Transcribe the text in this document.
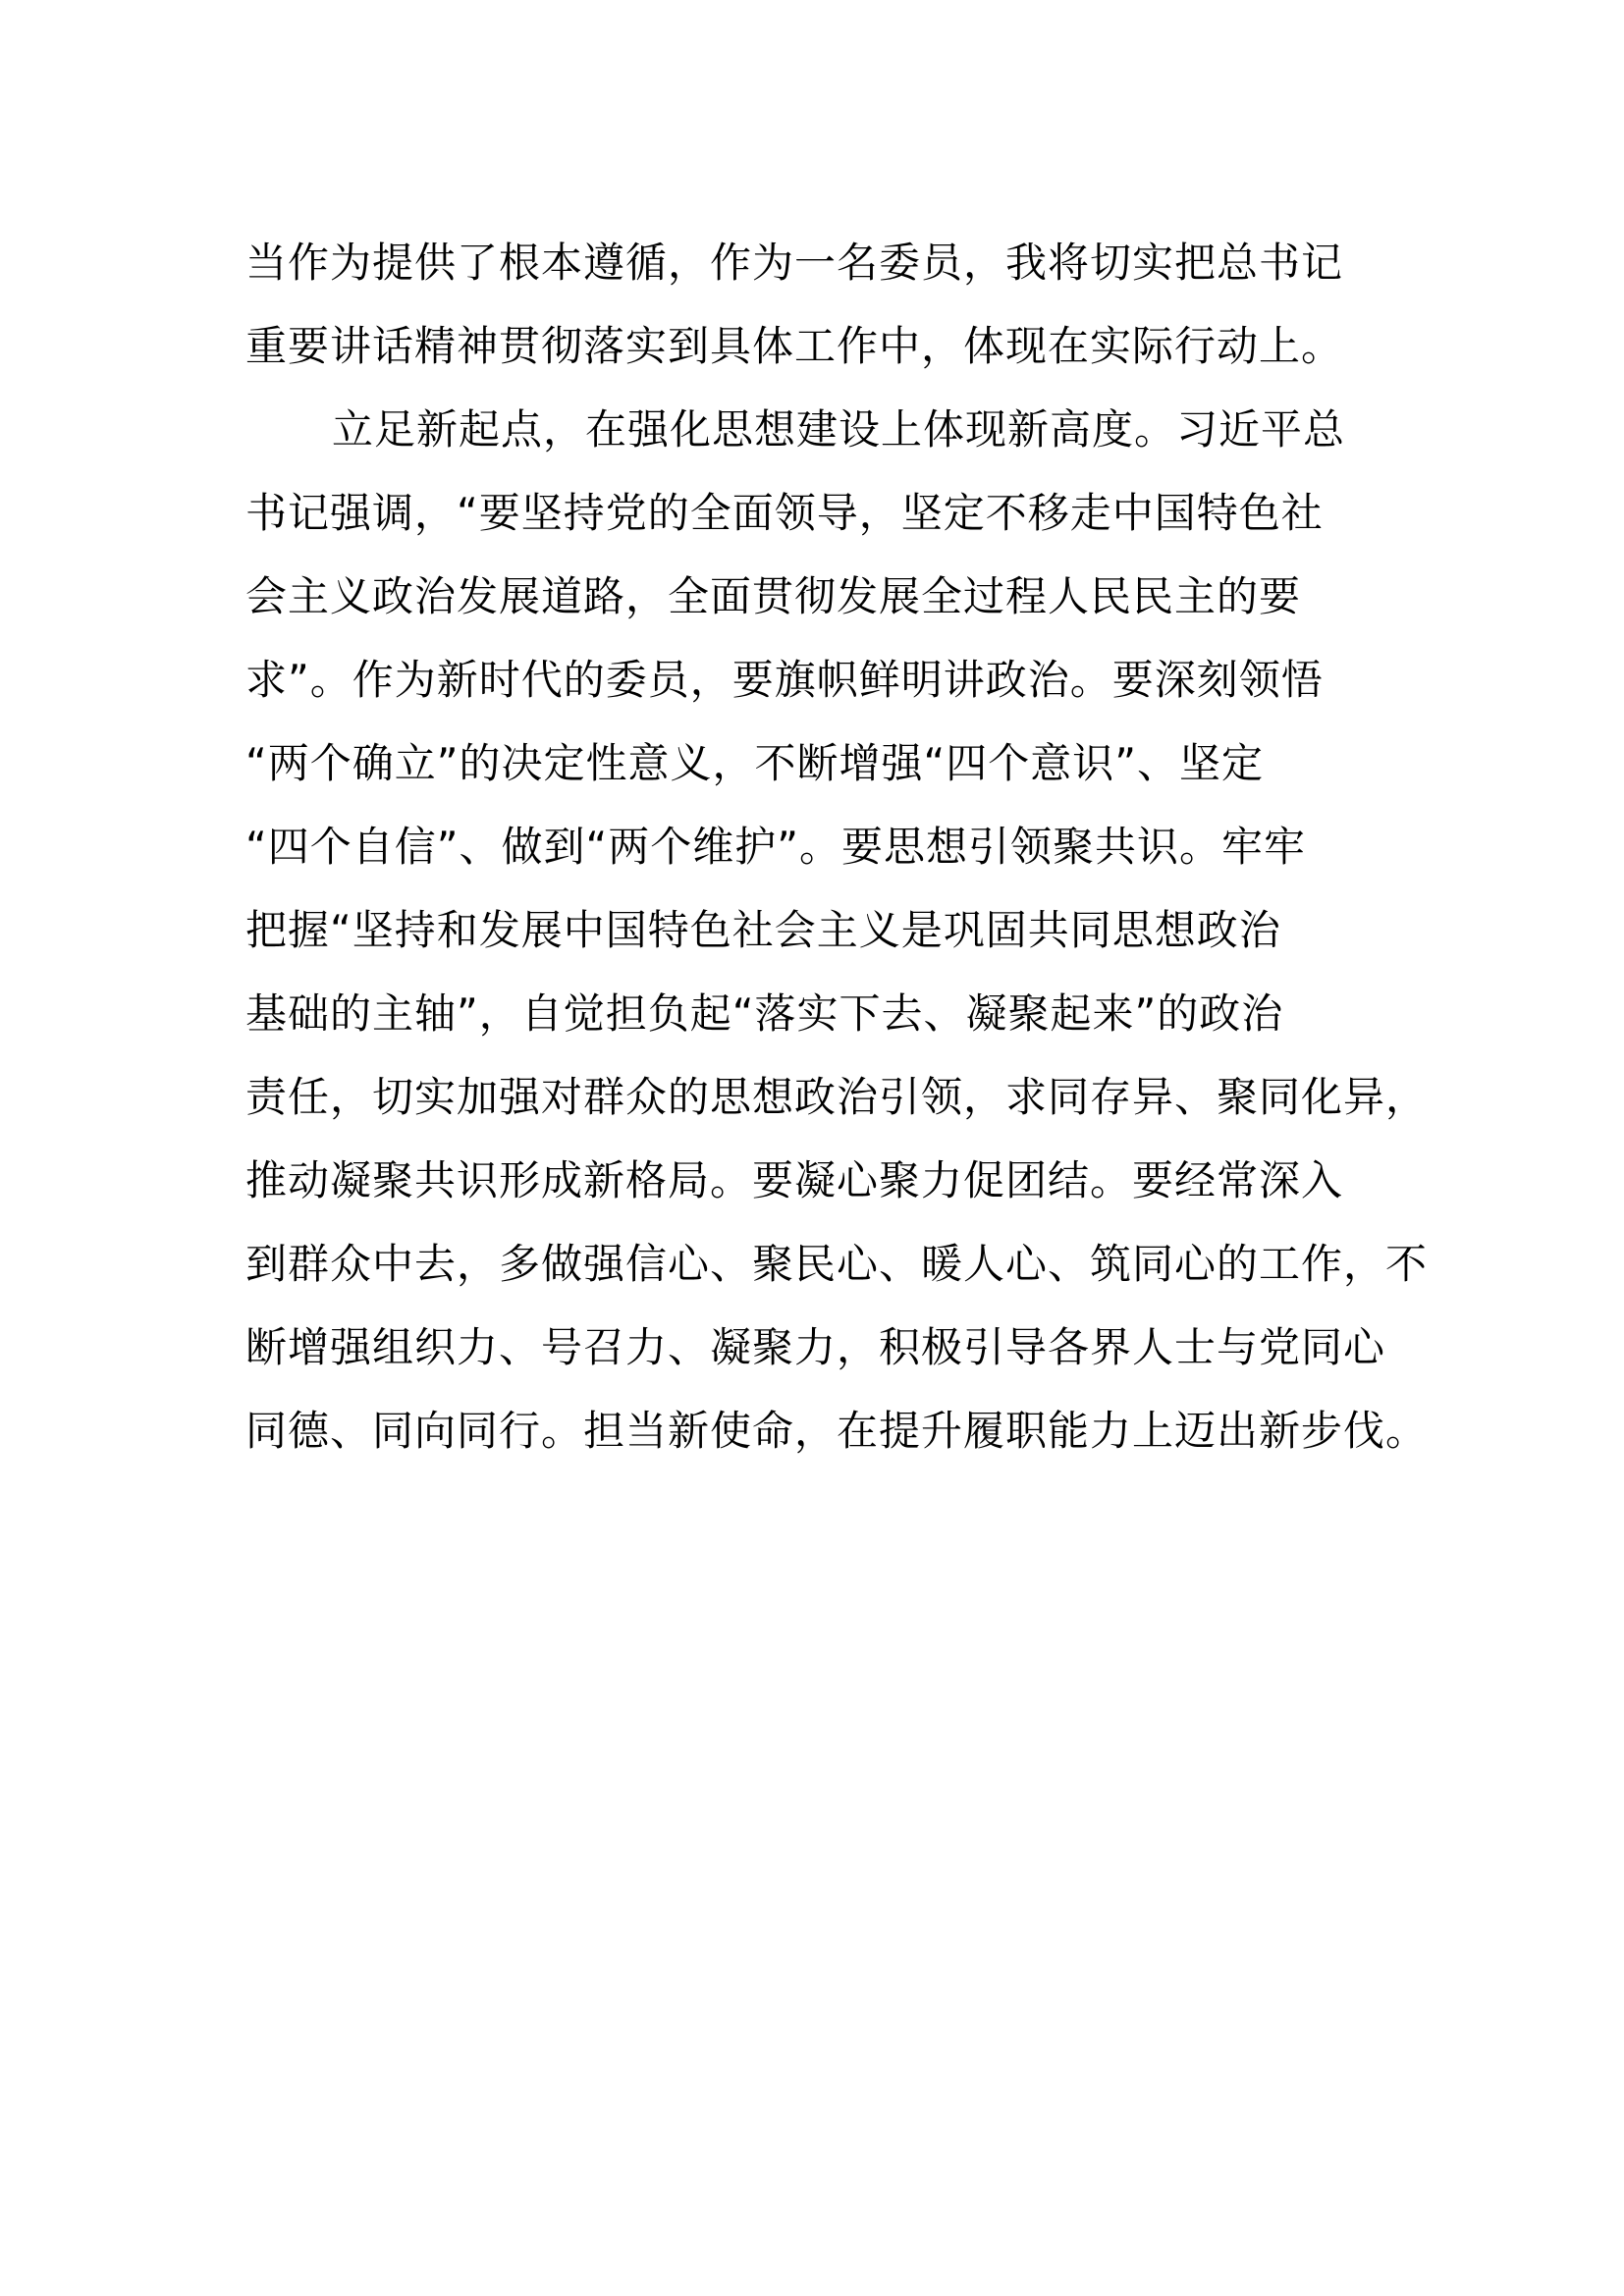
当作为提供了根本遵循，作为一名委员，我将切实把总书记
重要讲话精神贯彻落实到具体工作中，体现在实际行动上。
立足新起点，在强化思想建设上体现新高度。习近平总
书记强调，“要坚持党的全面领导，坚定不移走中国特色社
会主义政治发展道路，全面贯彻发展全过程人民民主的要
求”。作为新时代的委员，要旗帜鲜明讲政治。要深刻领悟
“两个确立”的决定性意义，不断增强“四个意识”、坚定
“四个自信”、做到“两个维护”。要思想引领聚共识。牢牢
把握“坚持和发展中国特色社会主义是巩固共同思想政治
基础的主轴”，自觉担负起“落实下去、凝聚起来”的政治
责任，切实加强对群众的思想政治引领，求同存异、聚同化异，
推动凝聚共识形成新格局。要凝心聚力促团结。要经常深入
到群众中去，多做强信心、聚民心、暖人心、筑同心的工作，不
断增强组织力、号召力、凝聚力，积极引导各界人士与党同心
同德、同向同行。担当新使命，在提升履职能力上迈出新步伐。
